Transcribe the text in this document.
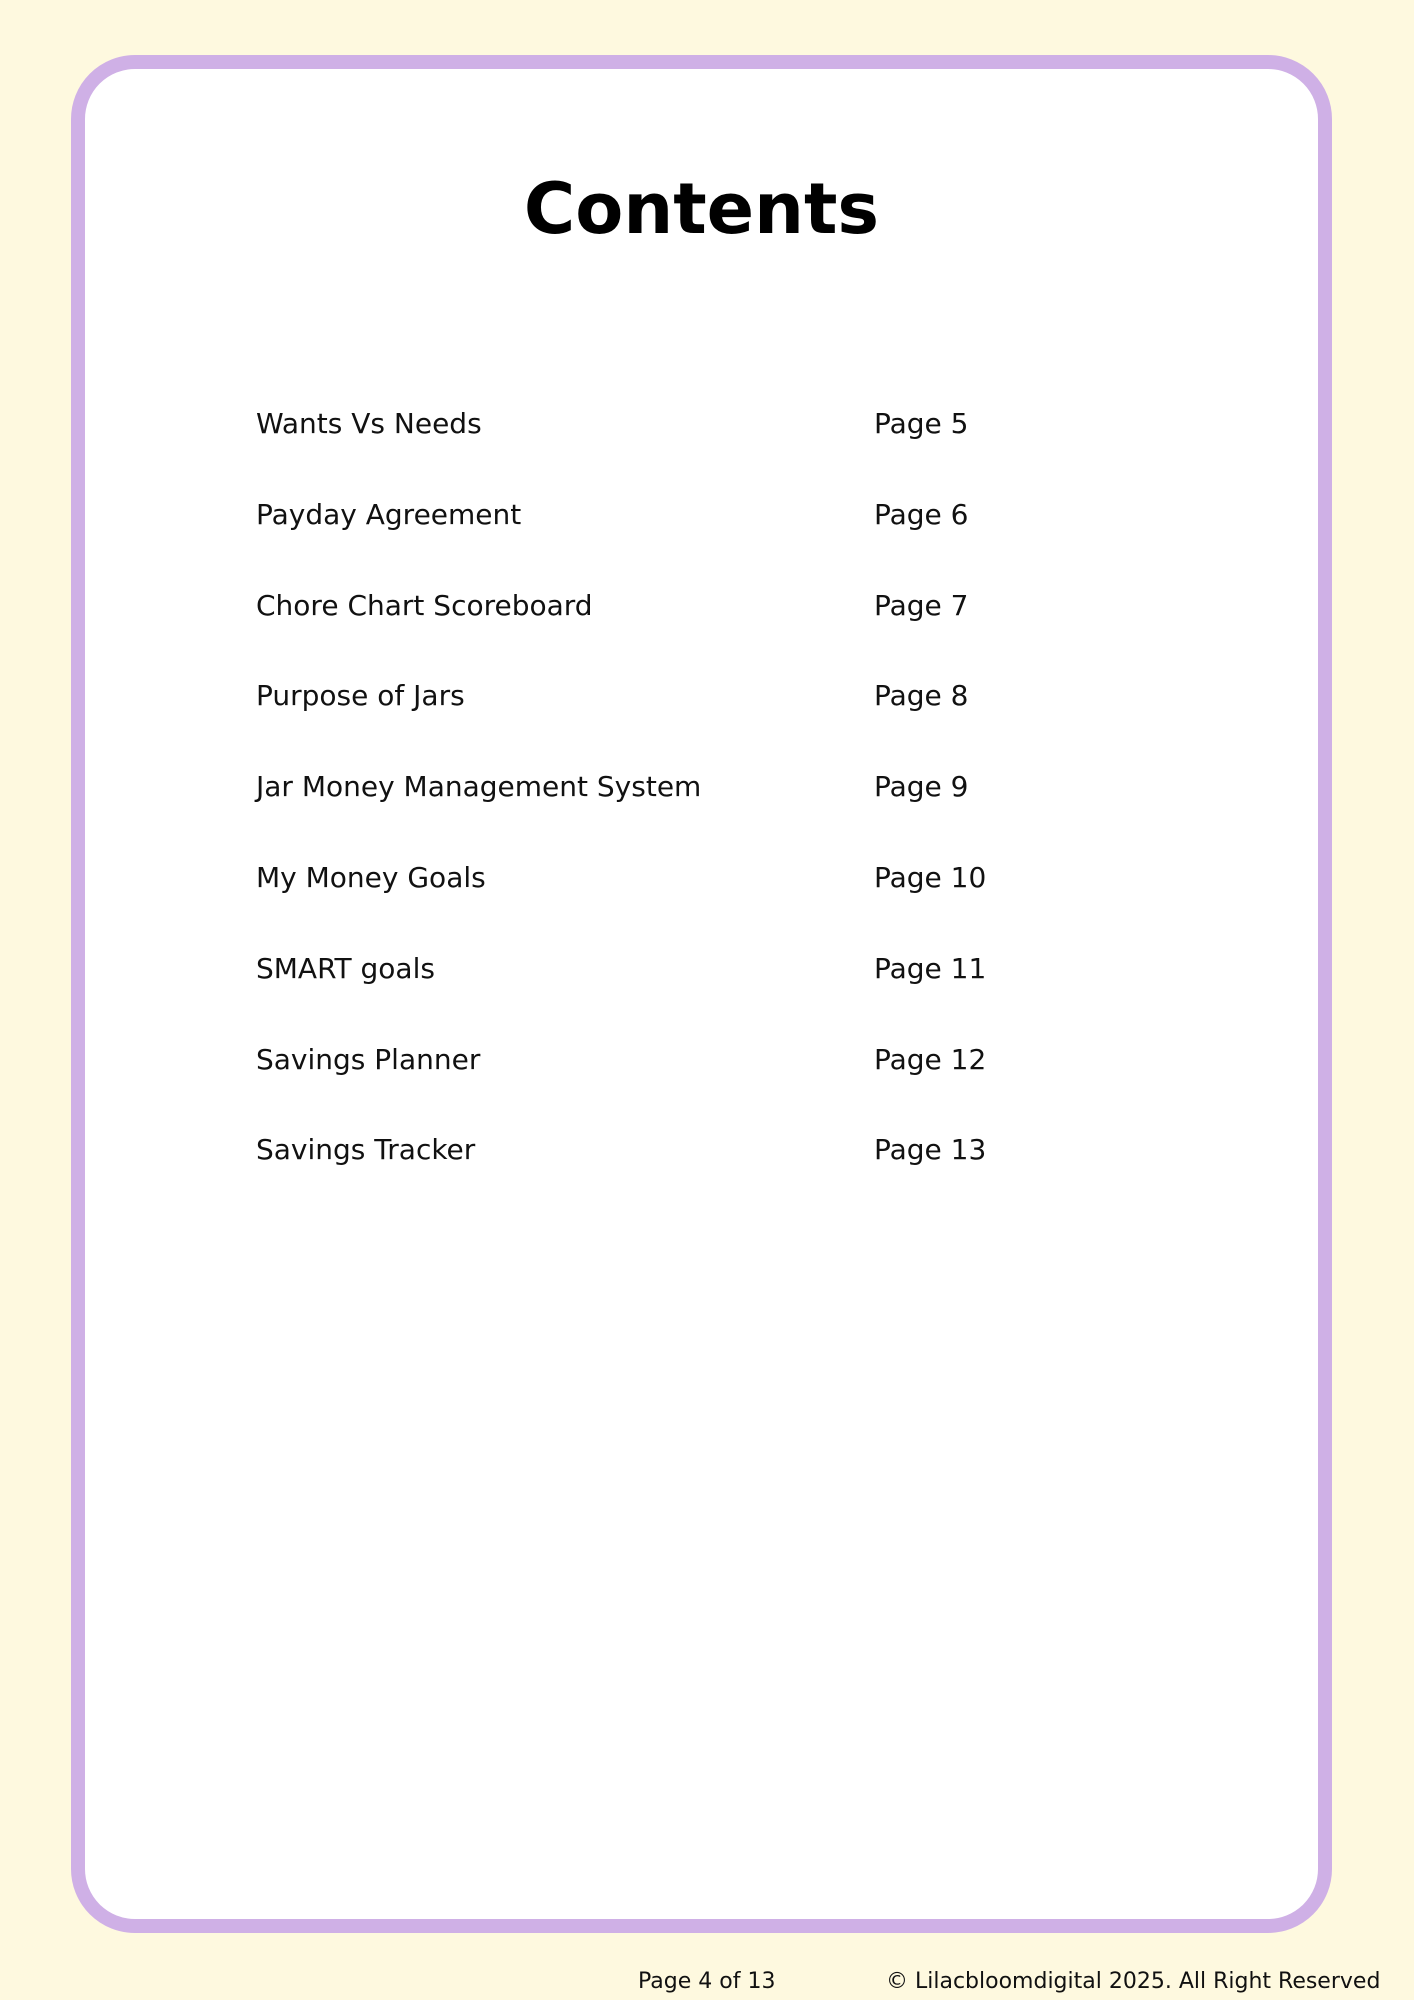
Contents
Wants Vs Needs	Page 5
Payday Agreement	Page 6
Chore Chart Scoreboard	Page 7
Purpose of Jars	Page 8
Jar Money Management System	Page 9
My Money Goals	Page 10
SMART goals	Page 11
Savings Planner	Page 12
Savings Tracker	Page 13
Page 4 of 13	© Lilacbloomdigital 2025. All Right Reserved
